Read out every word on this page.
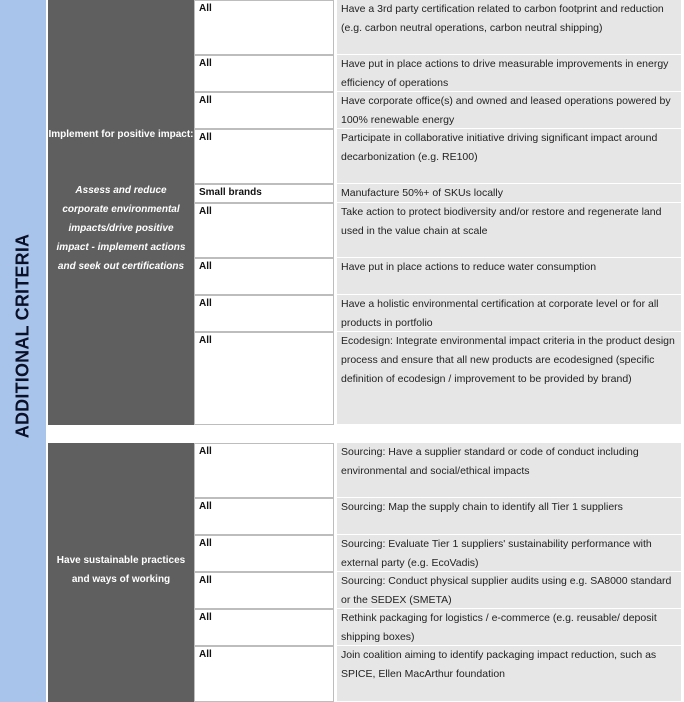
ADDITIONAL CRITERIA
Implement for positive impact:
Assess and reduce corporate environmental impacts/drive positive impact - implement actions and seek out certifications
All	Have a 3rd party certification related to carbon footprint and reduction (e.g. carbon neutral operations, carbon neutral shipping)
All	Have put in place actions to drive measurable improvements in energy efficiency of operations
All	Have corporate office(s) and owned and leased operations powered by 100% renewable energy
All	Participate in collaborative initiative driving significant impact around decarbonization (e.g. RE100)
Small brands	Manufacture 50%+ of SKUs locally
All	Take action to protect biodiversity and/or restore and regenerate land used in the value chain at scale
All	Have put in place actions to reduce water consumption
All	Have a holistic environmental certification at corporate level or for all products in portfolio
All	Ecodesign: Integrate environmental impact criteria in the product design process and ensure that all new products are ecodesigned (specific definition of ecodesign / improvement to be provided by brand)
Have sustainable practices and ways of working
All	Sourcing: Have a supplier standard or code of conduct including environmental and social/ethical impacts
All	Sourcing: Map the supply chain to identify all Tier 1 suppliers
All	Sourcing: Evaluate Tier 1 suppliers' sustainability performance with external party (e.g. EcoVadis)
All	Sourcing: Conduct physical supplier audits using e.g. SA8000 standard or the SEDEX (SMETA)
All	Rethink packaging for logistics / e-commerce (e.g. reusable/ deposit shipping boxes)
All	Join coalition aiming to identify packaging impact reduction, such as SPICE, Ellen MacArthur foundation
